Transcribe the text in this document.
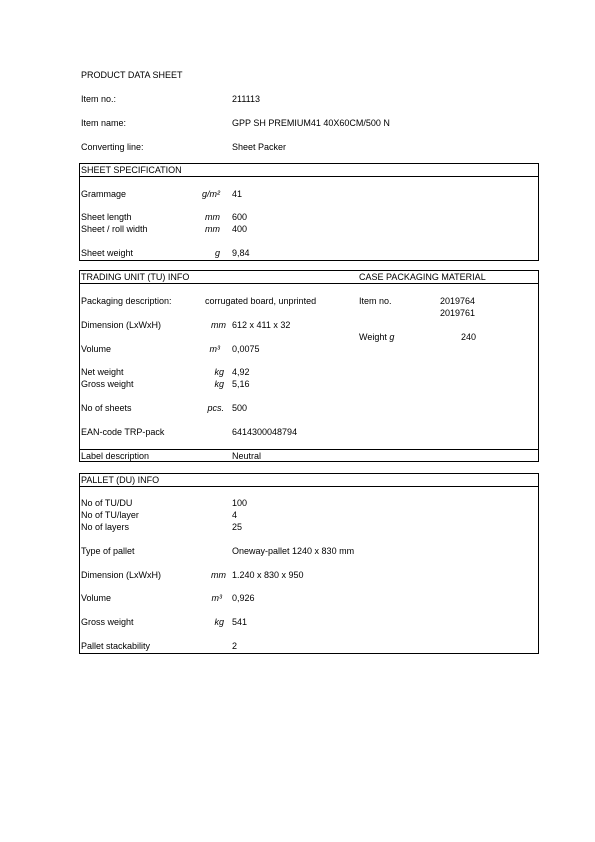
PRODUCT DATA SHEET
Item no.:	211113
Item name:	GPP SH PREMIUM41 40X60CM/500 N
Converting line:	Sheet Packer
SHEET SPECIFICATION
Grammage	g/m² 41
Sheet length	mm 600
Sheet / roll width	mm 400
Sheet weight	g 9,84
TRADING UNIT (TU) INFO
Packaging description:	corrugated board, unprinted
Dimension (LxWxH)	mm 612 x 411 x 32
Volume	m³ 0,0075
Net weight	kg 4,92
Gross weight	kg 5,16
No of sheets	pcs. 500
EAN-code TRP-pack	6414300048794
Label description	Neutral
CASE PACKAGING MATERIAL
Item no.	2019764
2019761
Weight g	240
PALLET (DU) INFO
No of TU/DU	100
No of TU/layer	4
No of layers	25
Type of pallet	Oneway-pallet 1240 x 830 mm
Dimension (LxWxH)	mm 1.240 x 830 x 950
Volume	m³ 0,926
Gross weight	kg 541
Pallet stackability	2
